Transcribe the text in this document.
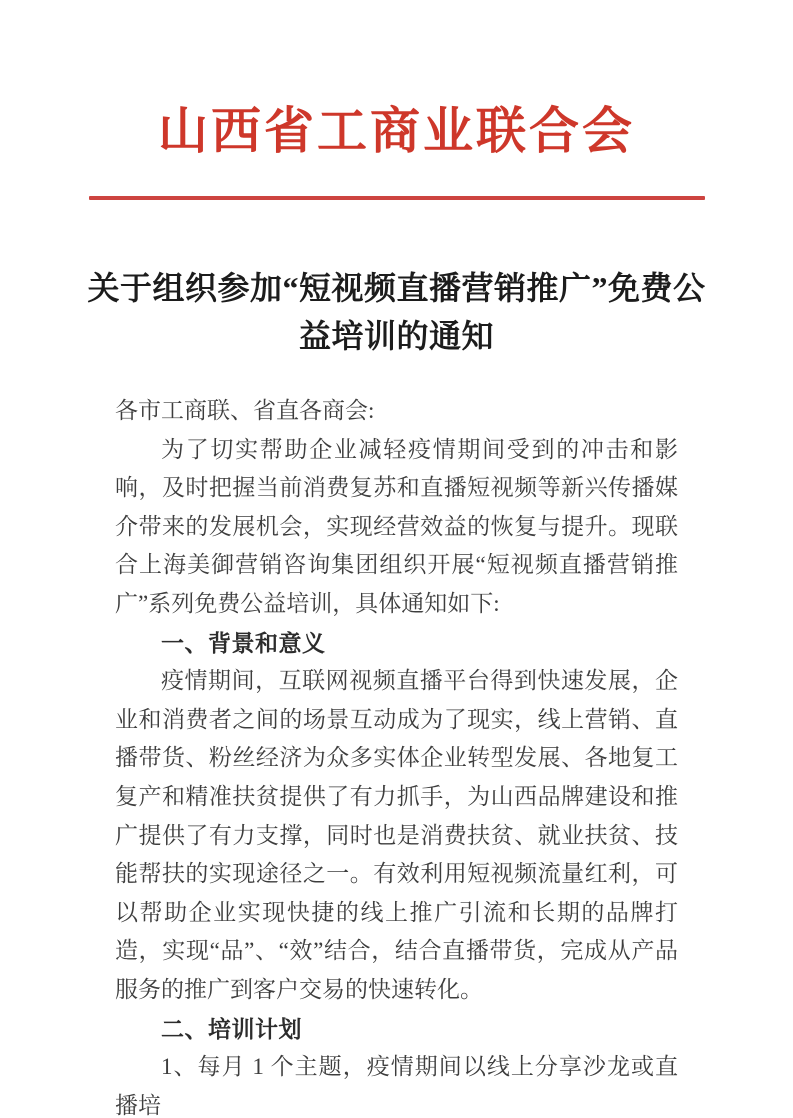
山西省工商业联合会
关于组织参加“短视频直播营销推广”免费公益培训的通知

各市工商联、省直各商会:

为了切实帮助企业减轻疫情期间受到的冲击和影响，及时把握当前消费复苏和直播短视频等新兴传播媒介带来的发展机会，实现经营效益的恢复与提升。现联合上海美御营销咨询集团组织开展“短视频直播营销推广”系列免费公益培训，具体通知如下:

一、背景和意义

疫情期间，互联网视频直播平台得到快速发展，企业和消费者之间的场景互动成为了现实，线上营销、直播带货、粉丝经济为众多实体企业转型发展、各地复工复产和精准扶贫提供了有力抓手，为山西品牌建设和推广提供了有力支撑，同时也是消费扶贫、就业扶贫、技能帮扶的实现途径之一。有效利用短视频流量红利，可以帮助企业实现快捷的线上推广引流和长期的品牌打造，实现“品”、“效”结合，结合直播带货，完成从产品服务的推广到客户交易的快速转化。

二、培训计划

1、每月 1 个主题，疫情期间以线上分享沙龙或直播培
